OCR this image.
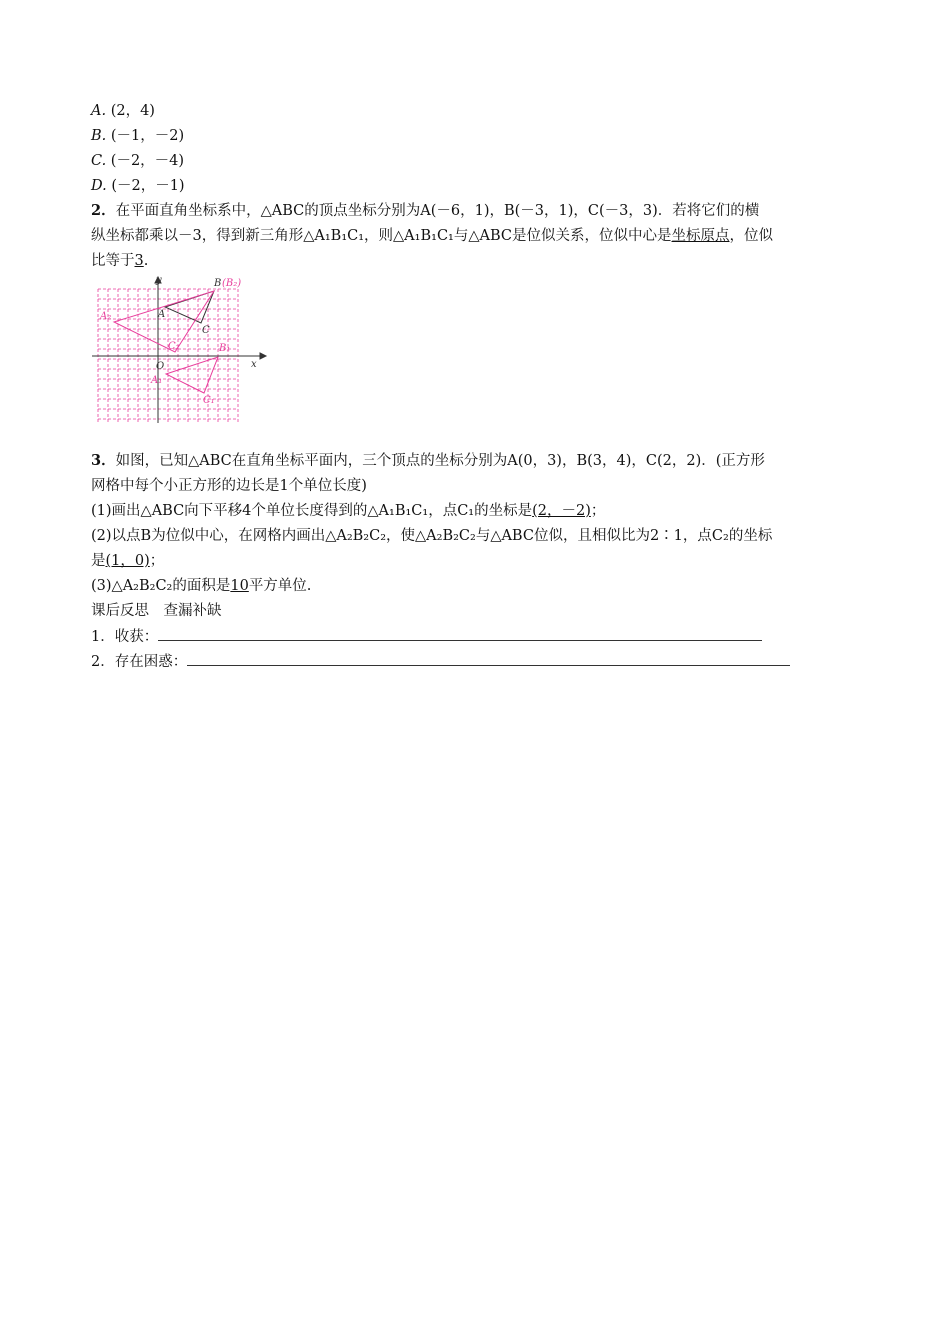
A. (2，4)
B. (－1，－2)
C. (－2，－4)
D. (－2，－1)
2．在平面直角坐标系中，△ABC的顶点坐标分别为A(－6，1)，B(－3，1)，C(－3，3)．若将它们的横
纵坐标都乘以－3，得到新三角形△A₁B₁C₁，则△A₁B₁C₁与△ABC是位似关系，位似中心是坐标原点，位似
比等于3.
y
x
O
A
B (B₂)
C
A₂
C₂	B₁
A₁
C₁
3．如图，已知△ABC在直角坐标平面内，三个顶点的坐标分别为A(0，3)，B(3，4)，C(2，2)．(正方形
网格中每个小正方形的边长是1个单位长度)
(1)画出△ABC向下平移4个单位长度得到的△A₁B₁C₁，点C₁的坐标是(2，－2)；
(2)以点B为位似中心，在网格内画出△A₂B₂C₂，使△A₂B₂C₂与△ABC位似，且相似比为2∶1，点C₂的坐标
是(1，0)；
(3)△A₂B₂C₂的面积是10平方单位.
课后反思　查漏补缺
1．收获：
2．存在困惑：
